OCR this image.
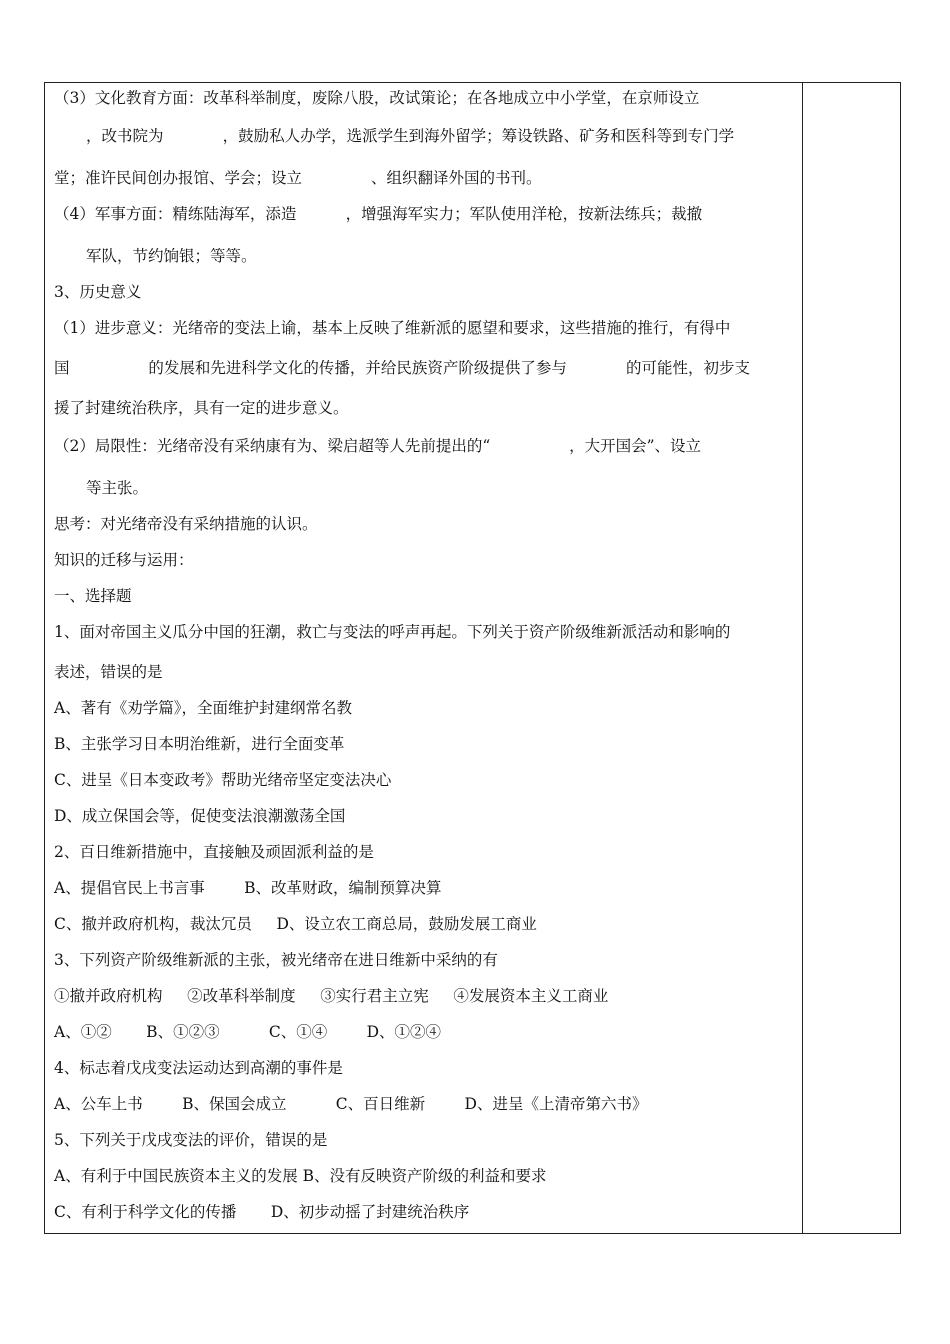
（3）文化教育方面：改革科举制度，废除八股，改试策论；在各地成立中小学堂，在京师设立
，改书院为            ，鼓励私人办学，选派学生到海外留学；筹设铁路、矿务和医科等到专门学
堂；准许民间创办报馆、学会；设立              、组织翻译外国的书刊。
（4）军事方面：精练陆海军，添造          ，增强海军实力；军队使用洋枪，按新法练兵；裁撤
军队，节约饷银；等等。
3、历史意义
（1）进步意义：光绪帝的变法上谕，基本上反映了维新派的愿望和要求，这些措施的推行，有得中
国                的发展和先进科学文化的传播，并给民族资产阶级提供了参与            的可能性，初步支
援了封建统治秩序，具有一定的进步意义。
（2）局限性：光绪帝没有采纳康有为、梁启超等人先前提出的“                ，大开国会”、设立
等主张。
思考：对光绪帝没有采纳措施的认识。
知识的迁移与运用：
一、选择题
1、面对帝国主义瓜分中国的狂潮，救亡与变法的呼声再起。下列关于资产阶级维新派活动和影响的
表述，错误的是
A、著有《劝学篇》，全面维护封建纲常名教
B、主张学习日本明治维新，进行全面变革
C、进呈《日本变政考》帮助光绪帝坚定变法决心
D、成立保国会等，促使变法浪潮激荡全国
2、百日维新措施中，直接触及顽固派利益的是
A、提倡官民上书言事        B、改革财政，编制预算决算
C、撤并政府机构，裁汰冗员     D、设立农工商总局，鼓励发展工商业
3、下列资产阶级维新派的主张，被光绪帝在进日维新中采纳的有
①撤并政府机构     ②改革科举制度     ③实行君主立宪     ④发展资本主义工商业
A、①②       B、①②③          C、①④        D、①②④
4、标志着戊戌变法运动达到高潮的事件是
A、公车上书        B、保国会成立          C、百日维新        D、进呈《上清帝第六书》
5、下列关于戊戌变法的评价，错误的是
A、有利于中国民族资本主义的发展 B、没有反映资产阶级的利益和要求
C、有利于科学文化的传播       D、初步动摇了封建统治秩序
